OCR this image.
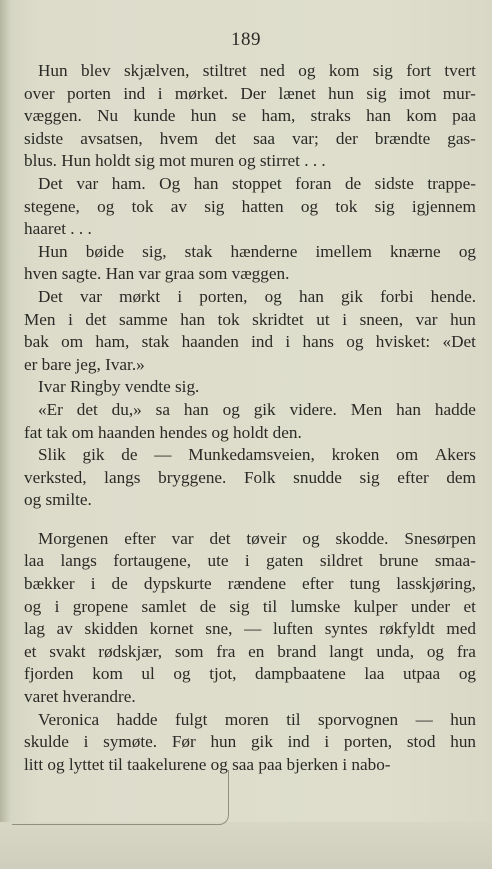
189
Hun blev skjælven, stiltret ned og kom sig fort tvert
over porten ind i mørket. Der lænet hun sig imot mur-
væggen. Nu kunde hun se ham, straks han kom paa
sidste avsatsen, hvem det saa var; der brændte gas-
blus. Hun holdt sig mot muren og stirret . . .
Det var ham. Og han stoppet foran de sidste trappe-
stegene, og tok av sig hatten og tok sig igjennem
haaret . . .
Hun bøide sig, stak hænderne imellem knærne og
hven sagte. Han var graa som væggen.
Det var mørkt i porten, og han gik forbi hende.
Men i det samme han tok skridtet ut i sneen, var hun
bak om ham, stak haanden ind i hans og hvisket: «Det
er bare jeg, Ivar.»
Ivar Ringby vendte sig.
«Er det du,» sa han og gik videre. Men han hadde
fat tak om haanden hendes og holdt den.
Slik gik de — Munkedamsveien, kroken om Akers
verksted, langs bryggene. Folk snudde sig efter dem
og smilte.
Morgenen efter var det tøveir og skodde. Snesørpen
laa langs fortaugene, ute i gaten sildret brune smaa-
bækker i de dypskurte rændene efter tung lasskjøring,
og i gropene samlet de sig til lumske kulper under et
lag av skidden kornet sne, — luften syntes røkfyldt med
et svakt rødskjær, som fra en brand langt unda, og fra
fjorden kom ul og tjot, dampbaatene laa utpaa og
varet hverandre.
Veronica hadde fulgt moren til sporvognen — hun
skulde i symøte. Før hun gik ind i porten, stod hun
litt og lyttet til taakelurene og saa paa bjerken i nabo-
